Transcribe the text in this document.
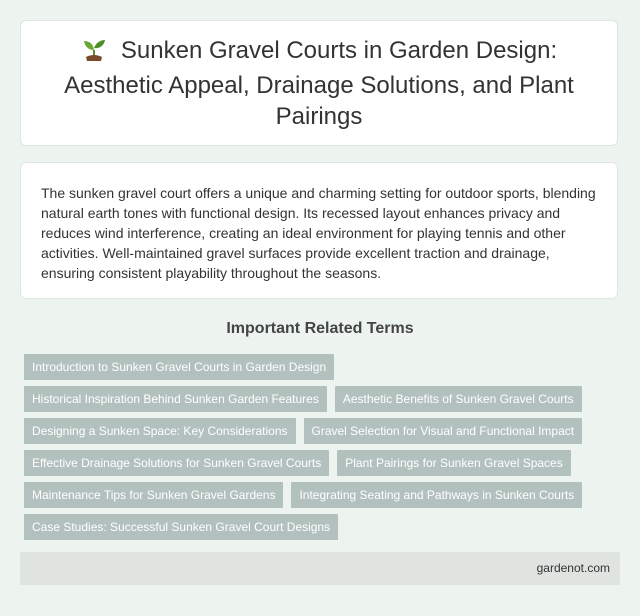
Sunken Gravel Courts in Garden Design: Aesthetic Appeal, Drainage Solutions, and Plant Pairings

The sunken gravel court offers a unique and charming setting for outdoor sports, blending natural earth tones with functional design. Its recessed layout enhances privacy and reduces wind interference, creating an ideal environment for playing tennis and other activities. Well-maintained gravel surfaces provide excellent traction and drainage, ensuring consistent playability throughout the seasons.

Important Related Terms
Introduction to Sunken Gravel Courts in Garden Design
Historical Inspiration Behind Sunken Garden Features Aesthetic Benefits of Sunken Gravel Courts
Designing a Sunken Space: Key Considerations Gravel Selection for Visual and Functional Impact
Effective Drainage Solutions for Sunken Gravel Courts Plant Pairings for Sunken Gravel Spaces
Maintenance Tips for Sunken Gravel Gardens Integrating Seating and Pathways in Sunken Courts
Case Studies: Successful Sunken Gravel Court Designs
gardenot.com
